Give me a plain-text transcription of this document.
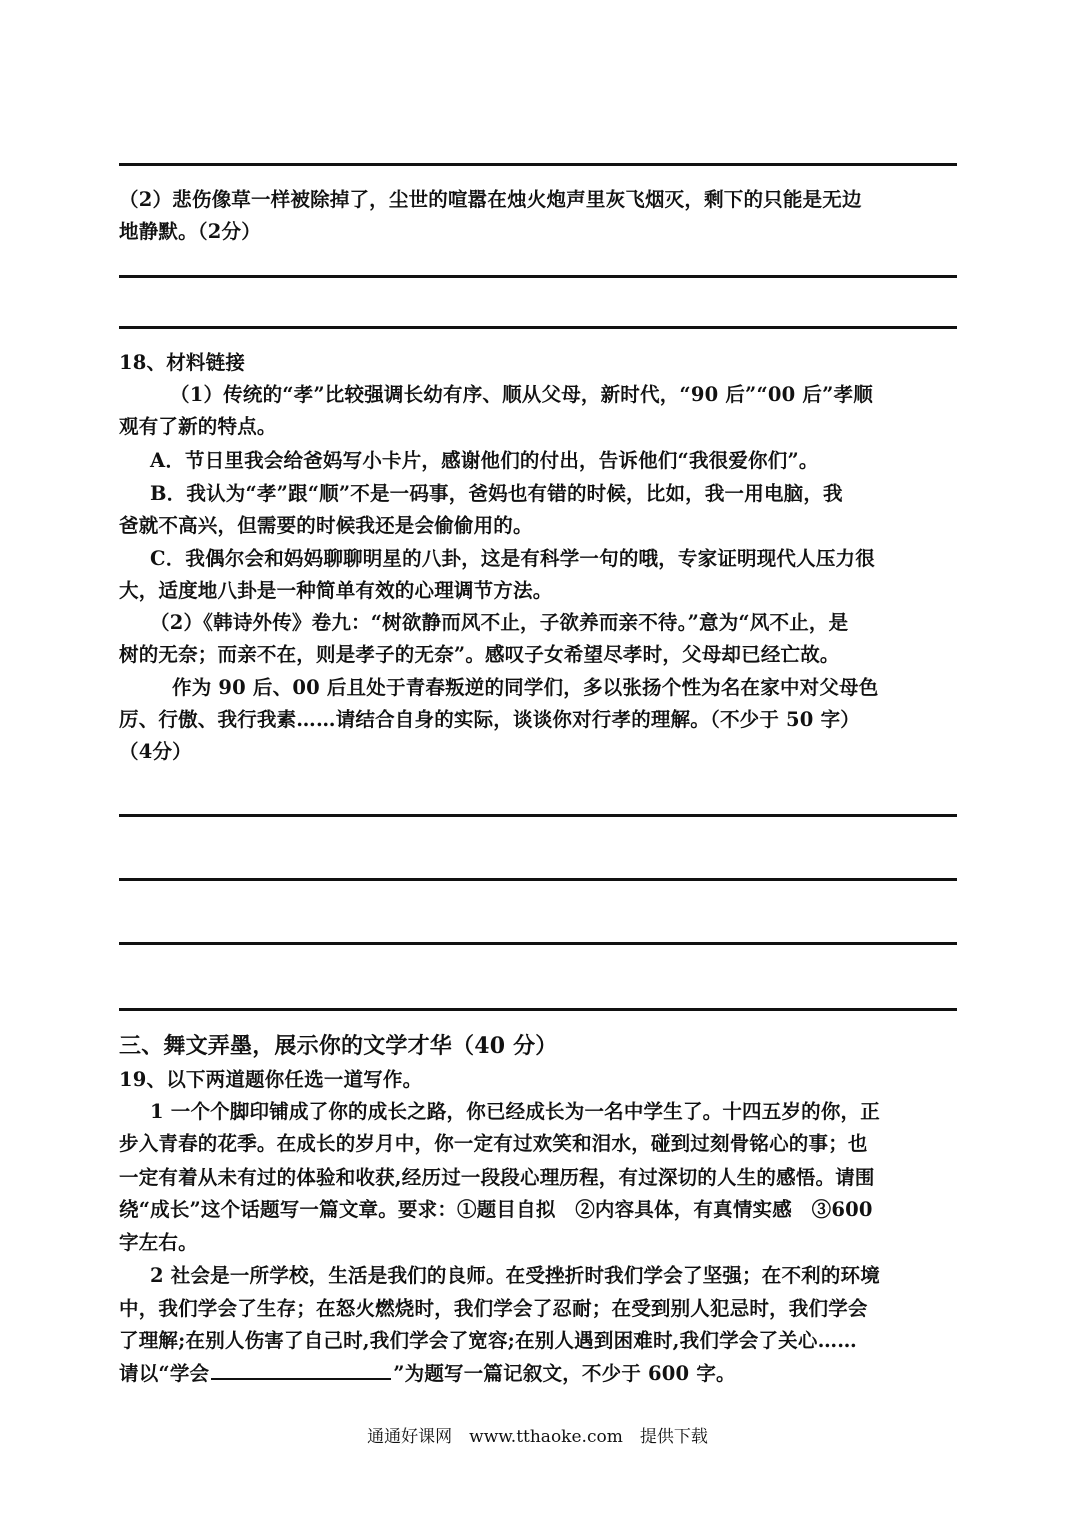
（2）悲伤像草一样被除掉了，尘世的喧嚣在烛火炮声里灰飞烟灭，剩下的只能是无边
地静默。（2分）
18、材料链接
（1）传统的“孝”比较强调长幼有序、顺从父母，新时代，“90 后”“00 后”孝顺
观有了新的特点。
A．节日里我会给爸妈写小卡片，感谢他们的付出，告诉他们“我很爱你们”。
B．我认为“孝”跟“顺”不是一码事，爸妈也有错的时候，比如，我一用电脑，我
爸就不高兴，但需要的时候我还是会偷偷用的。
C．我偶尔会和妈妈聊聊明星的八卦，这是有科学一句的哦，专家证明现代人压力很
大，适度地八卦是一种简单有效的心理调节方法。
（2）《韩诗外传》卷九：“树欲静而风不止，子欲养而亲不待。”意为“风不止，是
树的无奈；而亲不在，则是孝子的无奈”。感叹子女希望尽孝时，父母却已经亡故。
作为 90 后、00 后且处于青春叛逆的同学们，多以张扬个性为名在家中对父母色
厉、行傲、我行我素……请结合自身的实际，谈谈你对行孝的理解。（不少于 50 字）
（4分）
三、舞文弄墨，展示你的文学才华（40 分）
19、以下两道题你任选一道写作。
1 一个个脚印铺成了你的成长之路，你已经成长为一名中学生了。十四五岁的你，正
步入青春的花季。在成长的岁月中，你一定有过欢笑和泪水，碰到过刻骨铭心的事；也
一定有着从未有过的体验和收获,经历过一段段心理历程，有过深切的人生的感悟。请围
绕“成长”这个话题写一篇文章。要求：①题目自拟　②内容具体，有真情实感　③600
字左右。
2 社会是一所学校，生活是我们的良师。在受挫折时我们学会了坚强；在不利的环境
中，我们学会了生存；在怒火燃烧时，我们学会了忍耐；在受到别人犯忌时，我们学会
了理解;在别人伤害了自己时,我们学会了宽容;在别人遇到困难时,我们学会了关心……
请以“学会	”为题写一篇记叙文，不少于 600 字。
通通好课网　www.tthaoke.com　提供下载
